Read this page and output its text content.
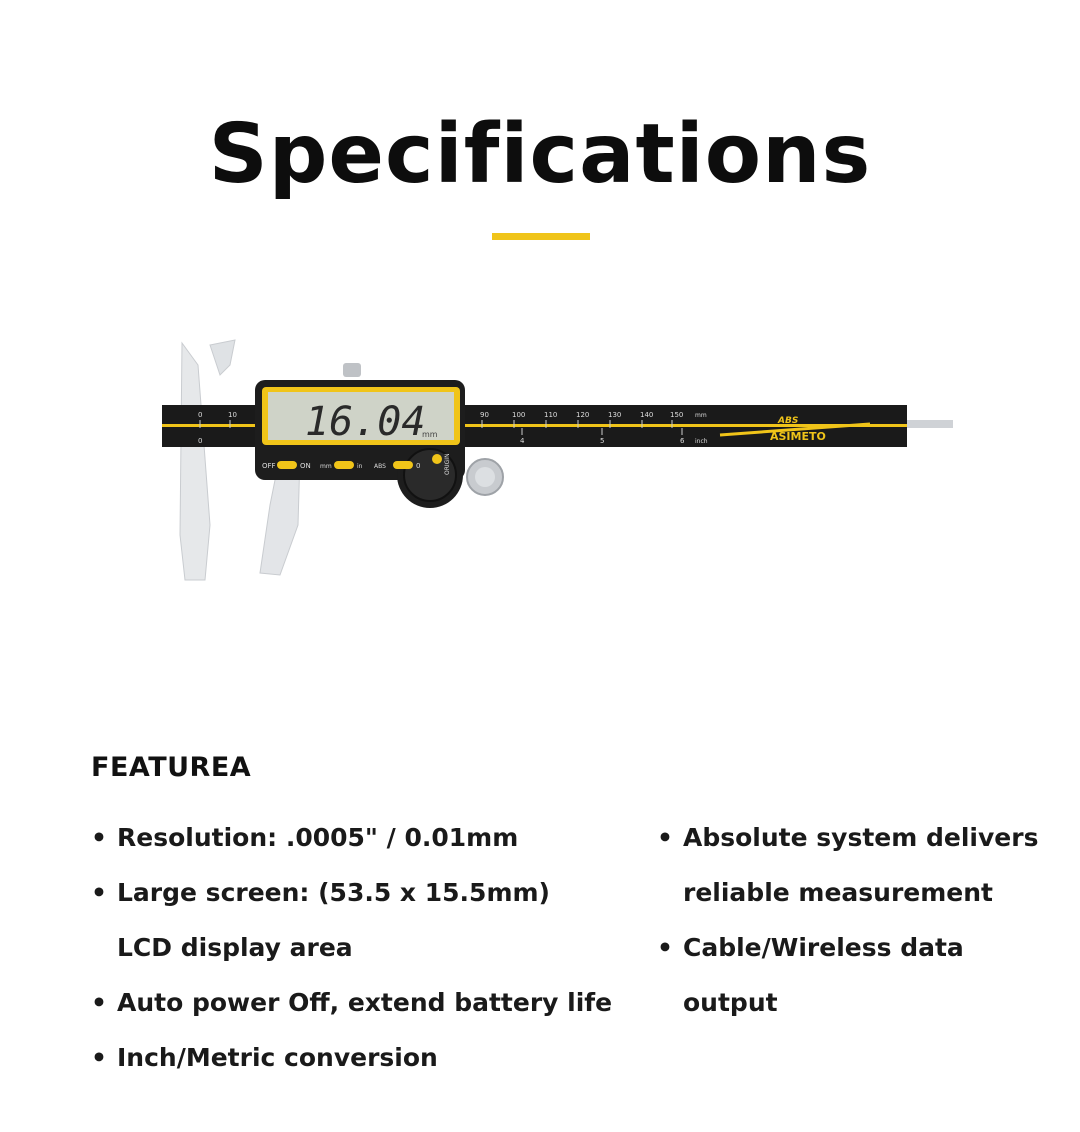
Specifications
0	10
0
90	100	110	120	130	140 150 mm
4	5	6 inch
ABS
ASIMETO
16.04
mm
OFF	ON mm	in ABS	0	ORIGIN
FEATUREA
• Resolution: .0005" / 0.01mm
• Large screen: (53.5 x 15.5mm)
LCD display area
• Auto power Off, extend battery life
• Inch/Metric conversion
• Absolute system delivers
reliable measurement
• Cable/Wireless data
output
